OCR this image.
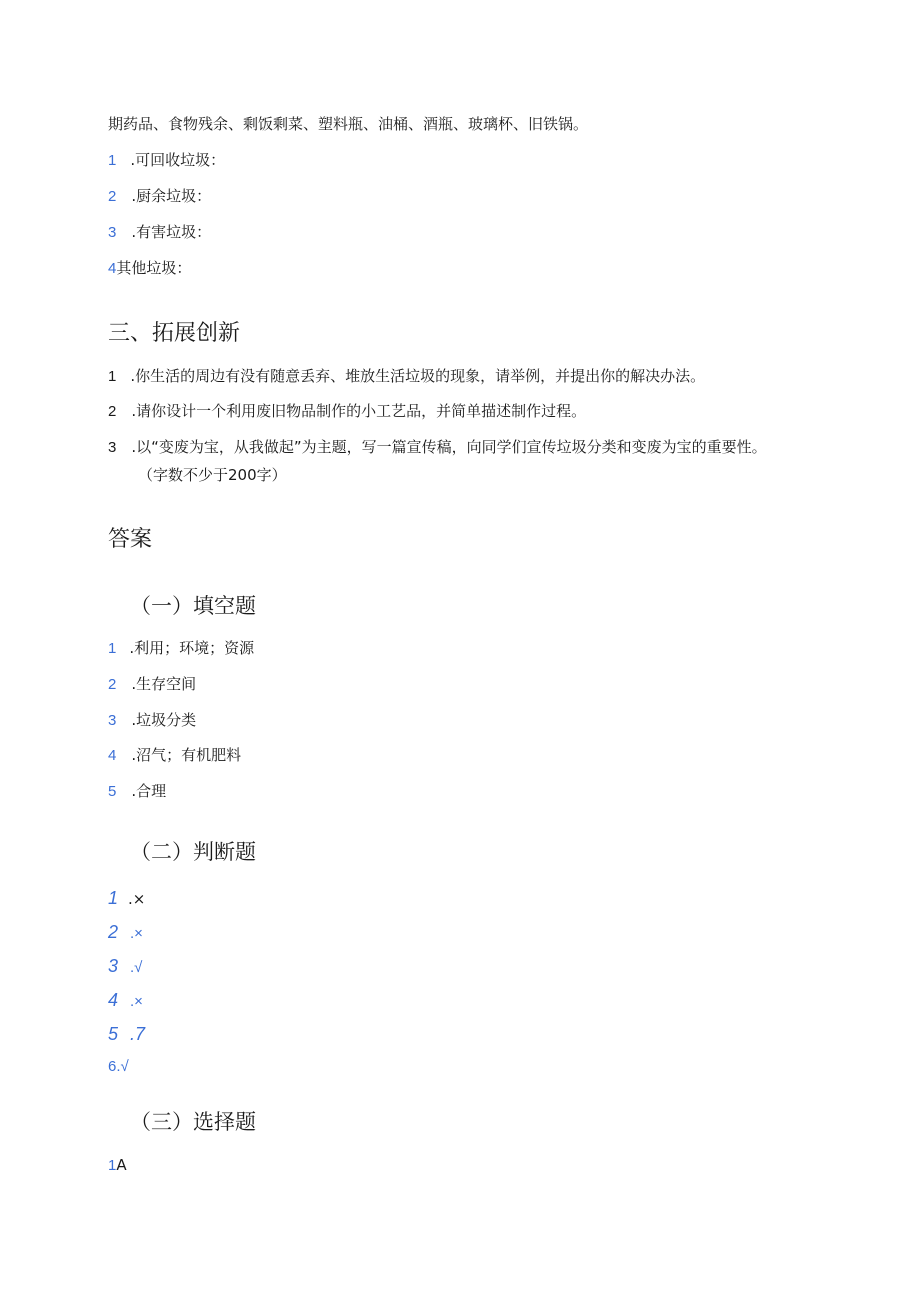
期药品、食物残余、剩饭剩菜、塑料瓶、油桶、酒瓶、玻璃杯、旧铁锅。
1 .可回收垃圾：
2 .厨余垃圾：
3 .有害垃圾：
4其他垃圾：
三、拓展创新
1 .你生活的周边有没有随意丢弃、堆放生活垃圾的现象，请举例，并提出你的解决办法。
2 .请你设计一个利用废旧物品制作的小工艺品，并简单描述制作过程。
3 .以“变废为宝，从我做起”为主题，写一篇宣传稿，向同学们宣传垃圾分类和变废为宝的重要性。
（字数不少于200字）
答案
（一）填空题
1 .利用；环境；资源
2 .生存空间
3 .垃圾分类
4 .沼气；有机肥料
5 .合理
（二）判断题
1 .×
2 .×
3 .√
4 .×
5 .7
6.√
（三）选择题
1A
